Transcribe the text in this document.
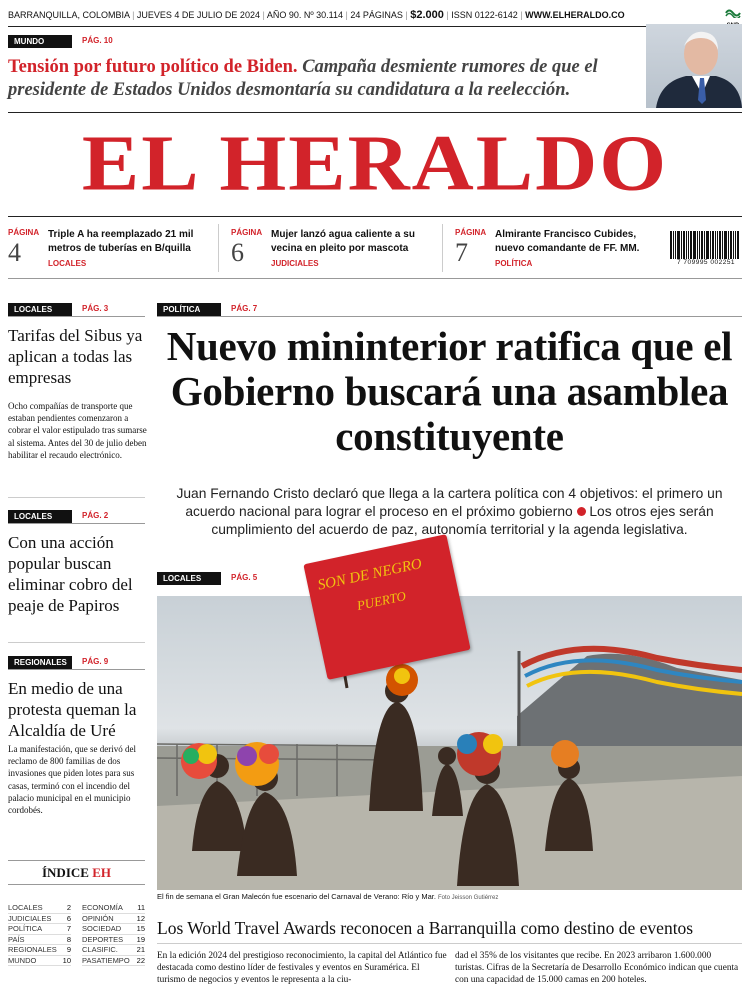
BARRANQUILLA, COLOMBIA | JUEVES 4 DE JULIO DE 2024 | AÑO 90. Nº 30.114 | 24 PÁGINAS | $2.000 | ISSN 0122-6142 | WWW.ELHERALDO.CO
MUNDO	PÁG. 10
Tensión por futuro político de Biden. Campaña desmiente rumores de que el presidente de Estados Unidos desmontaría su candidatura a la reelección.
EL HERALDO
PÁGINA
4
Triple A ha reemplazado 21 mil metros de tuberías en B/quilla
LOCALES
PÁGINA
6
Mujer lanzó agua caliente a su vecina en pleito por mascota
JUDICIALES
PÁGINA
7
Almirante Francisco Cubides, nuevo comandante de FF. MM.
POLÍTICA	7 709995 002251
LOCALES	PÁG. 3
Tarifas del Sibus ya aplican a todas las empresas
Ocho compañías de transporte que estaban pendientes comenzaron a cobrar el valor estipulado tras sumarse al sistema. Antes del 30 de julio deben habilitar el recaudo electrónico.
LOCALES	PÁG. 2
Con una acción popular buscan eliminar cobro del peaje de Papiros
REGIONALES	PÁG. 9
En medio de una protesta queman la Alcaldía de Uré
La manifestación, que se derivó del reclamo de 800 familias de dos invasiones que piden lotes para sus casas, terminó con el incendio del palacio municipal en el municipio cordobés.
ÍNDICE EH
LOCALES	2
JUDICIALES 6
POLÍTICA	7
PAÍS	8
REGIONALES 9
MUNDO	10
ECONOMÍA 11
OPINIÓN	12
SOCIEDAD 15
DEPORTES 19
CLASIFIC.	21
PASATIEMPO 22
POLÍTICA	PÁG. 7
Nuevo mininterior ratifica que el Gobierno buscará una asamblea constituyente
Juan Fernando Cristo declaró que llega a la cartera política con 4 objetivos: el primero un acuerdo nacional para lograr el proceso en el próximo gobierno Los otros ejes serán cumplimiento del acuerdo de paz, autonomía territorial y la agenda legislativa.
LOCALES	PÁG. 5	SON DE NEGRO
PUERTO
El fin de semana el Gran Malecón fue escenario del Carnaval de Verano: Río y Mar. Foto Jeisson Gutiérrez
Los World Travel Awards reconocen a Barranquilla como destino de eventos
En la edición 2024 del prestigioso reconocimiento, la capital del Atlántico fue destacada como destino líder de festivales y eventos en Suramérica. El turismo de negocios y eventos le representa a la ciu-
dad el 35% de los visitantes que recibe. En 2023 arribaron 1.600.000 turistas. Cifras de la Secretaría de Desarrollo Económico indican que cuenta con una capacidad de 15.000 camas en 200 hoteles.
